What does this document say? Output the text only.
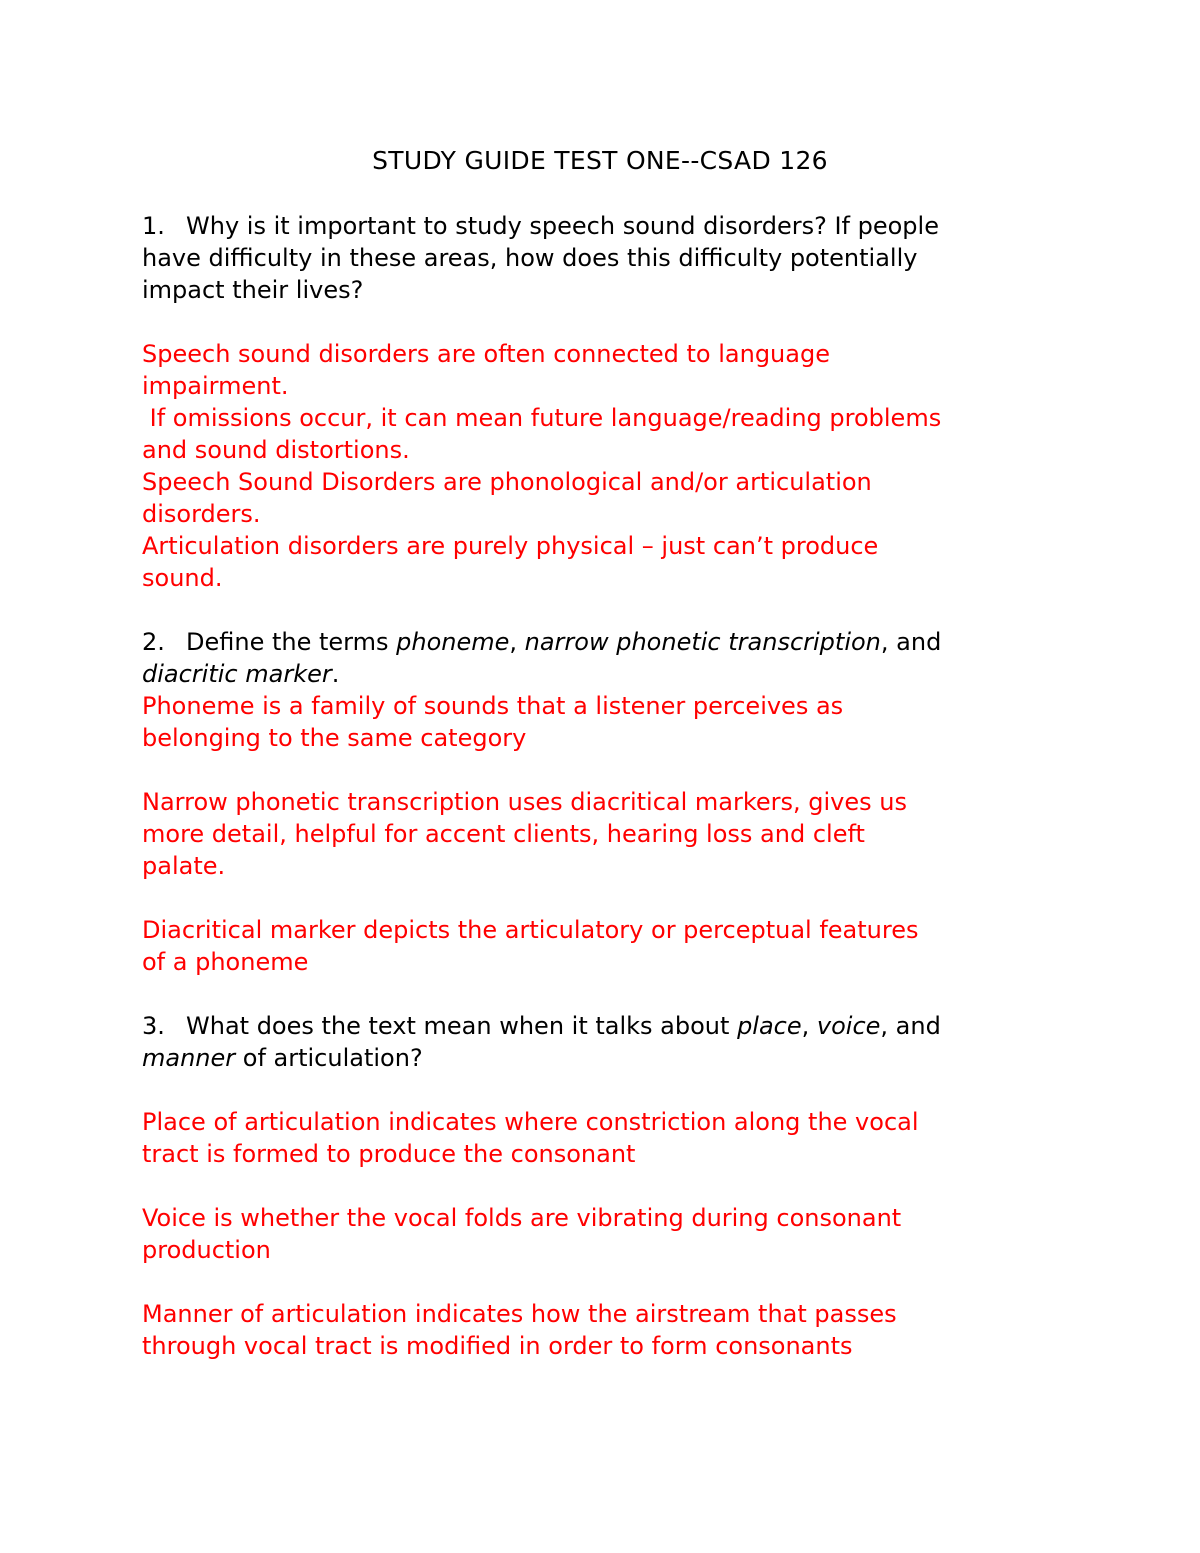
STUDY GUIDE TEST ONE--CSAD 126
1. Why is it important to study speech sound disorders? If people
have difficulty in these areas, how does this difficulty potentially
impact their lives?
Speech sound disorders are often connected to language
impairment.
If omissions occur, it can mean future language/reading problems
and sound distortions.
Speech Sound Disorders are phonological and/or articulation
disorders.
Articulation disorders are purely physical – just can’t produce
sound.
2. Define the terms phoneme, narrow phonetic transcription, and
diacritic marker.
Phoneme is a family of sounds that a listener perceives as
belonging to the same category
Narrow phonetic transcription uses diacritical markers, gives us
more detail, helpful for accent clients, hearing loss and cleft
palate.
Diacritical marker depicts the articulatory or perceptual features
of a phoneme
3. What does the text mean when it talks about place, voice, and
manner of articulation?
Place of articulation indicates where constriction along the vocal
tract is formed to produce the consonant
Voice is whether the vocal folds are vibrating during consonant
production
Manner of articulation indicates how the airstream that passes
through vocal tract is modified in order to form consonants
